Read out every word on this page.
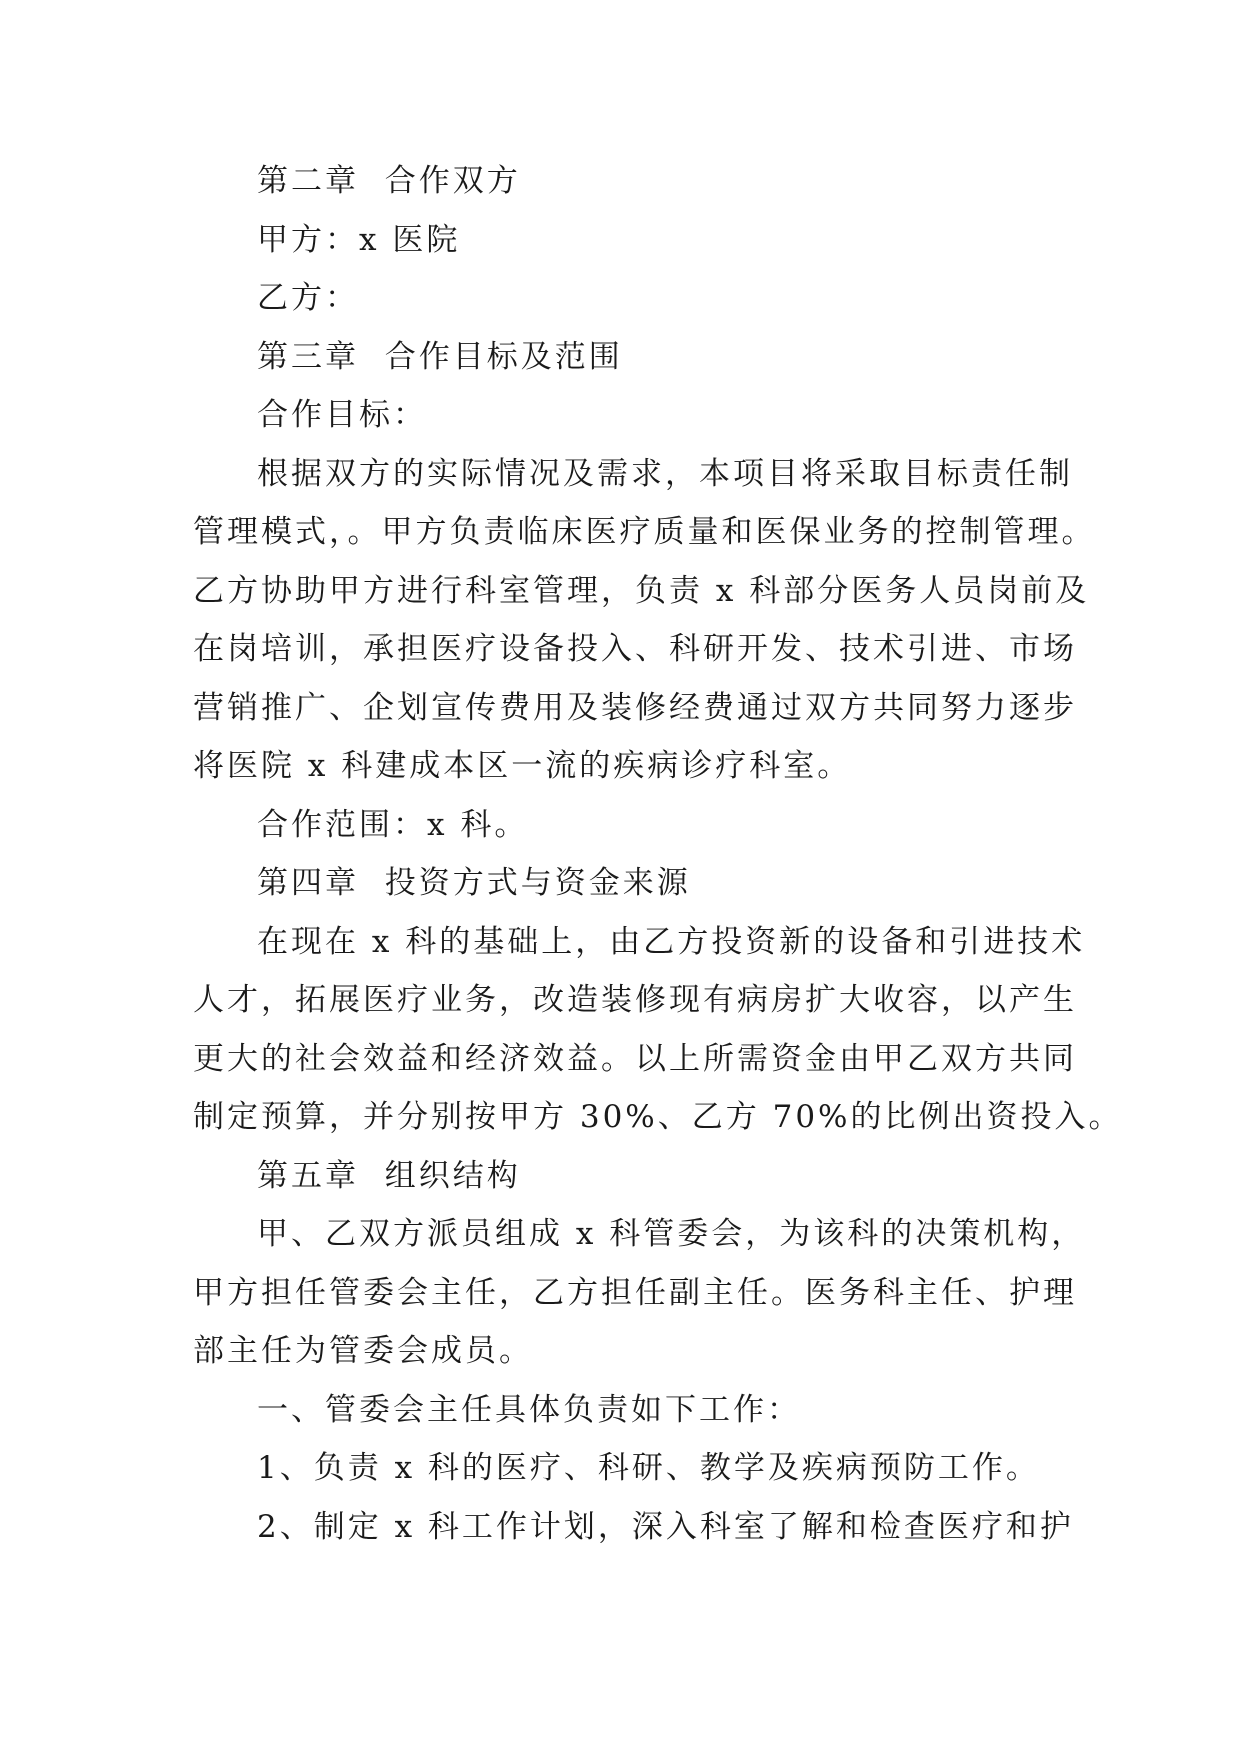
第二章  合作双方

甲方：x 医院

乙方：

第三章  合作目标及范围

合作目标：

根据双方的实际情况及需求，本项目将采取目标责任制

管理模式，。甲方负责临床医疗质量和医保业务的控制管理。

乙方协助甲方进行科室管理，负责 x 科部分医务人员岗前及

在岗培训，承担医疗设备投入、科研开发、技术引进、市场

营销推广、企划宣传费用及装修经费通过双方共同努力逐步

将医院 x 科建成本区一流的疾病诊疗科室。

合作范围：x 科。

第四章  投资方式与资金来源

在现在 x 科的基础上，由乙方投资新的设备和引进技术

人才，拓展医疗业务，改造装修现有病房扩大收容，以产生

更大的社会效益和经济效益。以上所需资金由甲乙双方共同

制定预算，并分别按甲方 30%、乙方 70%的比例出资投入。

第五章  组织结构

甲、乙双方派员组成 x 科管委会，为该科的决策机构，

甲方担任管委会主任，乙方担任副主任。医务科主任、护理

部主任为管委会成员。

一、管委会主任具体负责如下工作：

1、负责 x 科的医疗、科研、教学及疾病预防工作。

2、制定 x 科工作计划，深入科室了解和检查医疗和护
